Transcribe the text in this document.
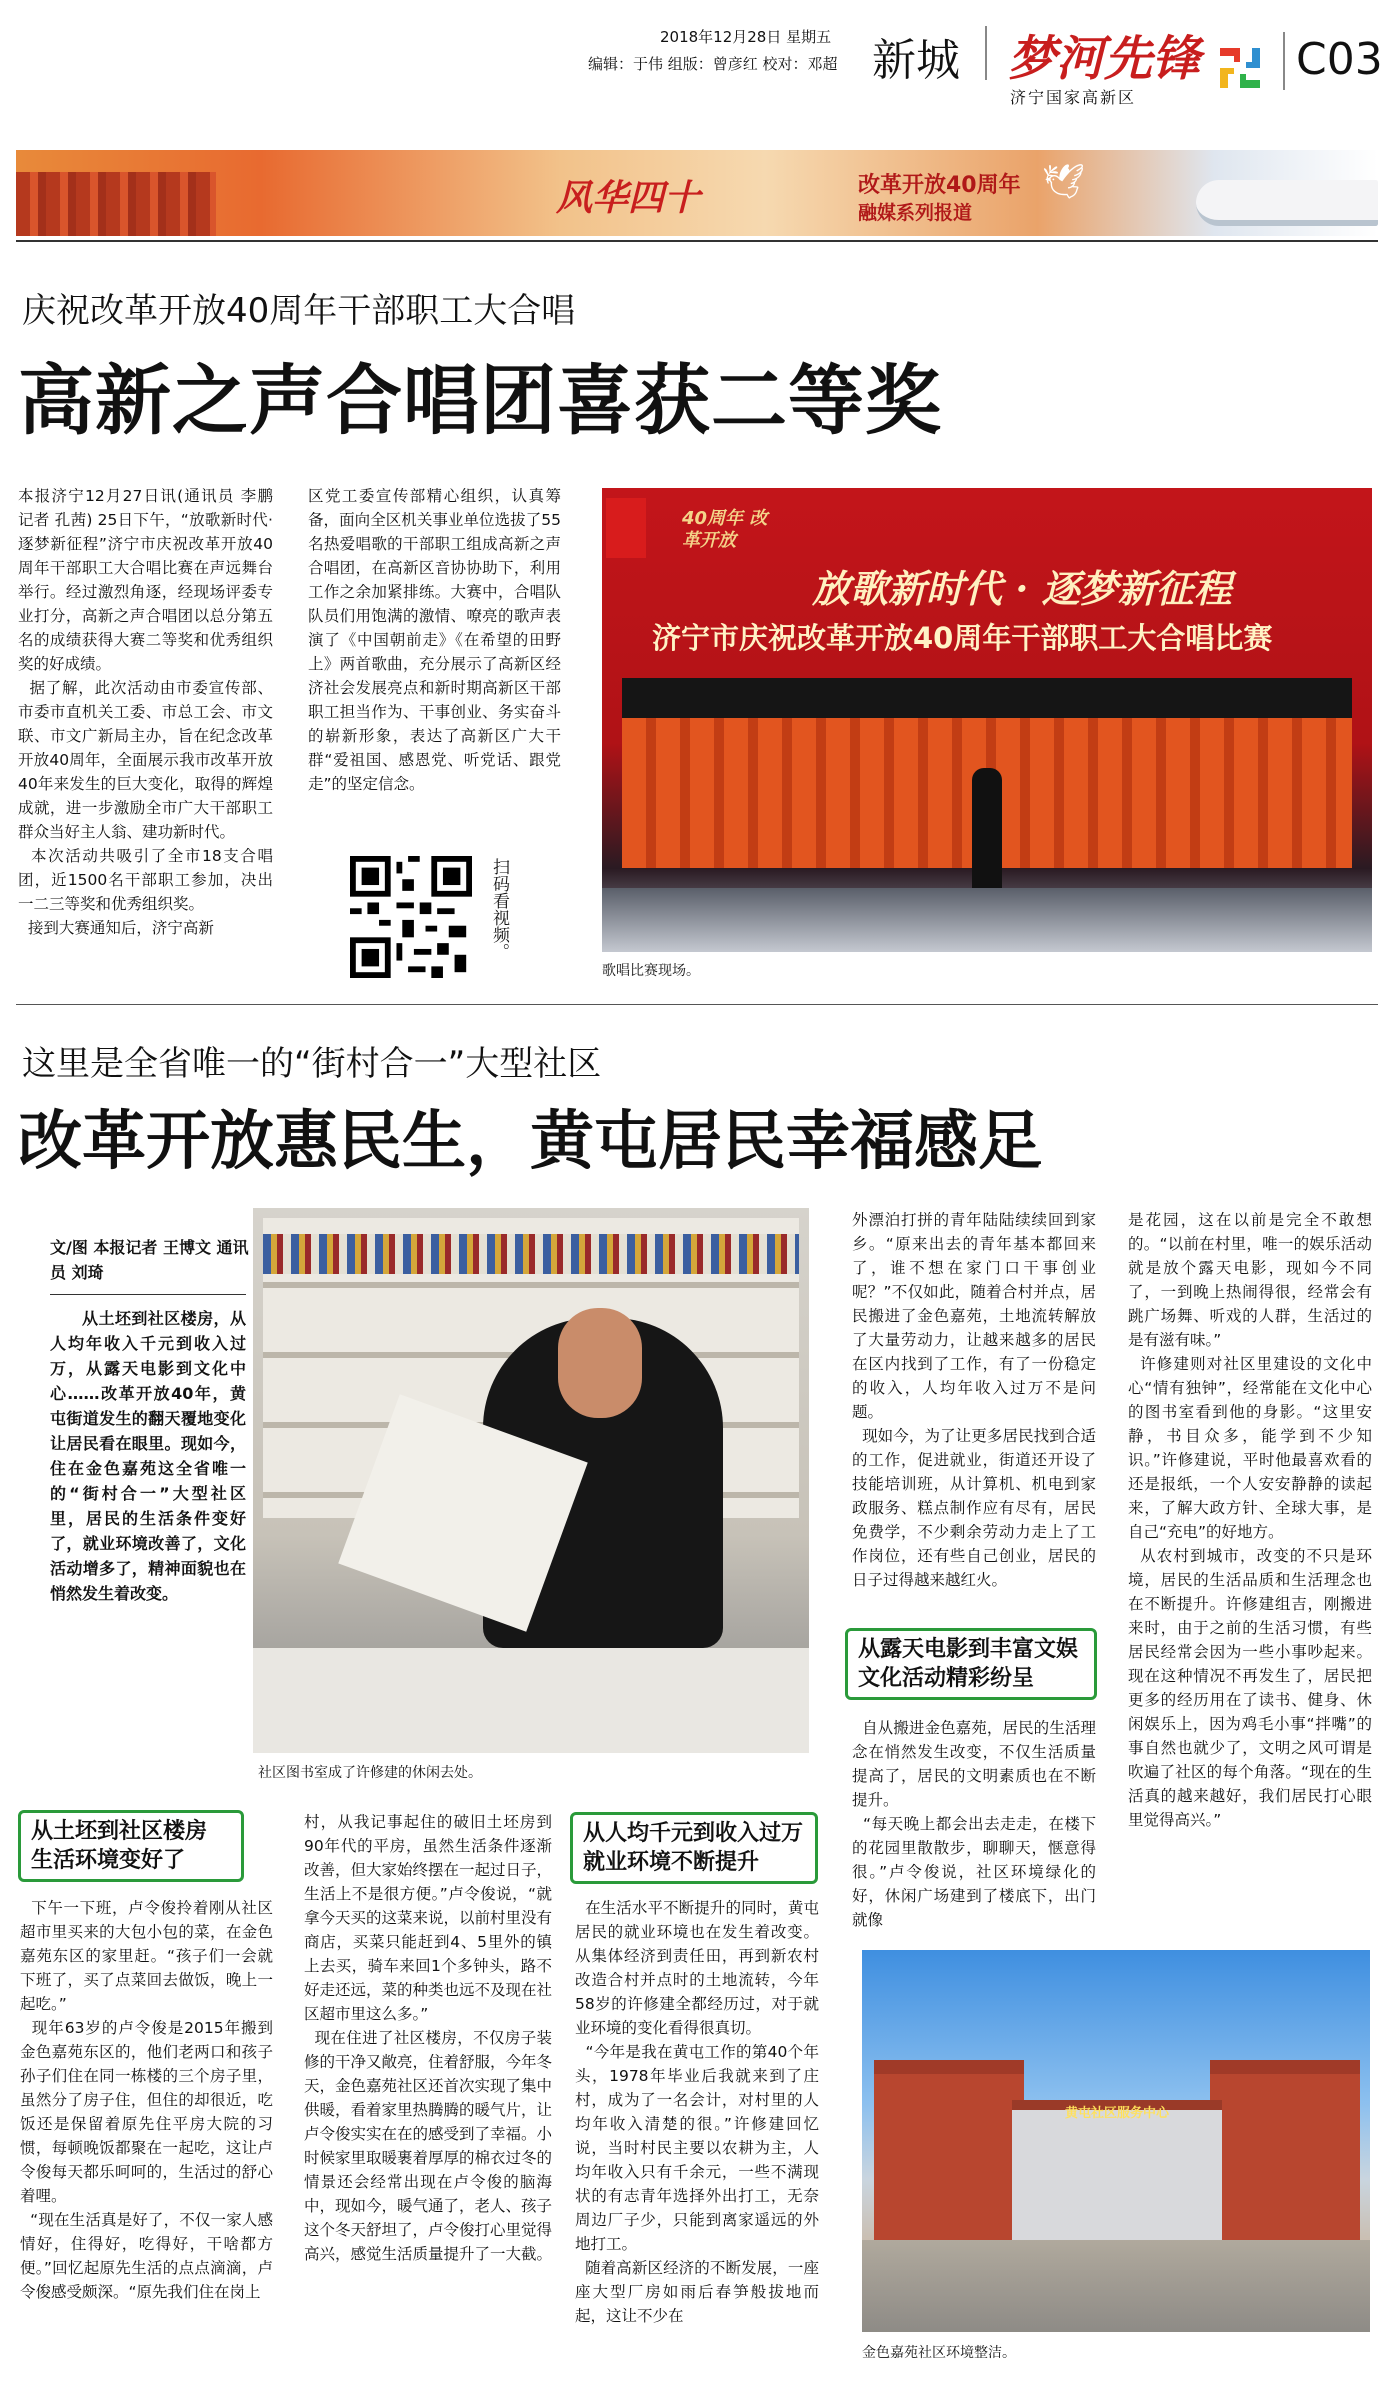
2018年12月28日 星期五
编辑：于伟 组版：曾彦红 校对：邓超 新城 梦河先锋
济宁国家高新区
C03
风华四十	改革开放40周年
融媒系列报道
🕊
庆祝改革开放40周年干部职工大合唱
高新之声合唱团喜获二等奖
本报济宁12月27日讯(通讯员 李鹏 记者 孔茜) 25日下午，“放歌新时代·逐梦新征程”济宁市庆祝改革开放40周年干部职工大合唱比赛在声远舞台举行。经过激烈角逐，经现场评委专业打分，高新之声合唱团以总分第五名的成绩获得大赛二等奖和优秀组织奖的好成绩。
据了解，此次活动由市委宣传部、市委市直机关工委、市总工会、市文联、市文广新局主办，旨在纪念改革开放40周年，全面展示我市改革开放40年来发生的巨大变化，取得的辉煌成就，进一步激励全市广大干部职工群众当好主人翁、建功新时代。
本次活动共吸引了全市18支合唱团，近1500名干部职工参加，决出一二三等奖和优秀组织奖。
接到大赛通知后，济宁高新
区党工委宣传部精心组织，认真筹备，面向全区机关事业单位选拔了55名热爱唱歌的干部职工组成高新之声合唱团，在高新区音协协助下，利用工作之余加紧排练。大赛中，合唱队队员们用饱满的激情、嘹亮的歌声表演了《中国朝前走》《在希望的田野上》两首歌曲，充分展示了高新区经济社会发展亮点和新时期高新区干部职工担当作为、干事创业、务实奋斗的崭新形象，表达了高新区广大干群“爱祖国、感恩党、听党话、跟党走”的坚定信念。
扫码看视频。
40周年 改革开放
放歌新时代 · 逐梦新征程
济宁市庆祝改革开放40周年干部职工大合唱比赛
歌唱比赛现场。
这里是全省唯一的“街村合一”大型社区
改革开放惠民生，黄屯居民幸福感足
文/图 本报记者 王博文 通讯员 刘琦
从土坯到社区楼房，从人均年收入千元到收入过万，从露天电影到文化中心……改革开放40年，黄屯街道发生的翻天覆地变化让居民看在眼里。现如今，住在金色嘉苑这全省唯一的“街村合一”大型社区里，居民的生活条件变好了，就业环境改善了，文化活动增多了，精神面貌也在悄然发生着改变。
社区图书室成了许修建的休闲去处。
从土坯到社区楼房
生活环境变好了
从人均千元到收入过万
就业环境不断提升
从露天电影到丰富文娱
文化活动精彩纷呈
下午一下班，卢令俊拎着刚从社区超市里买来的大包小包的菜，在金色嘉苑东区的家里赶。“孩子们一会就下班了，买了点菜回去做饭，晚上一起吃。”
现年63岁的卢令俊是2015年搬到金色嘉苑东区的，他们老两口和孩子孙子们住在同一栋楼的三个房子里，虽然分了房子住，但住的却很近，吃饭还是保留着原先住平房大院的习惯，每顿晚饭都聚在一起吃，这让卢令俊每天都乐呵呵的，生活过的舒心着哩。
“现在生活真是好了，不仅一家人感情好，住得好，吃得好，干啥都方便。”回忆起原先生活的点点滴滴，卢令俊感受颇深。“原先我们住在岗上
村，从我记事起住的破旧土坯房到90年代的平房，虽然生活条件逐渐改善，但大家始终摆在一起过日子，生活上不是很方便。”卢令俊说，“就拿今天买的这菜来说，以前村里没有商店，买菜只能赶到4、5里外的镇上去买，骑车来回1个多钟头，路不好走还远，菜的种类也远不及现在社区超市里这么多。”
现在住进了社区楼房，不仅房子装修的干净又敞亮，住着舒服，今年冬天，金色嘉苑社区还首次实现了集中供暖，看着家里热腾腾的暖气片，让卢令俊实实在在的感受到了幸福。小时候家里取暖裹着厚厚的棉衣过冬的情景还会经常出现在卢令俊的脑海中，现如今，暖气通了，老人、孩子这个冬天舒坦了，卢令俊打心里觉得高兴，感觉生活质量提升了一大截。
在生活水平不断提升的同时，黄屯居民的就业环境也在发生着改变。从集体经济到责任田，再到新农村改造合村并点时的土地流转，今年58岁的许修建全都经历过，对于就业环境的变化看得很真切。
“今年是我在黄屯工作的第40个年头，1978年毕业后我就来到了庄村，成为了一名会计，对村里的人均年收入清楚的很。”许修建回忆说，当时村民主要以农耕为主，人均年收入只有千余元，一些不满现状的有志青年选择外出打工，无奈周边厂子少，只能到离家遥远的外地打工。
随着高新区经济的不断发展，一座座大型厂房如雨后春笋般拔地而起，这让不少在
外漂泊打拼的青年陆陆续续回到家乡。“原来出去的青年基本都回来了，谁不想在家门口干事创业呢？”不仅如此，随着合村并点，居民搬进了金色嘉苑，土地流转解放了大量劳动力，让越来越多的居民在区内找到了工作，有了一份稳定的收入，人均年收入过万不是问题。
现如今，为了让更多居民找到合适的工作，促进就业，街道还开设了技能培训班，从计算机、机电到家政服务、糕点制作应有尽有，居民免费学，不少剩余劳动力走上了工作岗位，还有些自己创业，居民的日子过得越来越红火。
自从搬进金色嘉苑，居民的生活理念在悄然发生改变，不仅生活质量提高了，居民的文明素质也在不断提升。
“每天晚上都会出去走走，在楼下的花园里散散步，聊聊天，惬意得很。”卢令俊说，社区环境绿化的好，休闲广场建到了楼底下，出门就像
是花园，这在以前是完全不敢想的。“以前在村里，唯一的娱乐活动就是放个露天电影，现如今不同了，一到晚上热闹得很，经常会有跳广场舞、听戏的人群，生活过的是有滋有味。”
许修建则对社区里建设的文化中心“情有独钟”，经常能在文化中心的图书室看到他的身影。“这里安静，书目众多，能学到不少知识。”许修建说，平时他最喜欢看的还是报纸，一个人安安静静的读起来，了解大政方针、全球大事，是自己“充电”的好地方。
从农村到城市，改变的不只是环境，居民的生活品质和生活理念也在不断提升。许修建组吉，刚搬进来时，由于之前的生活习惯，有些居民经常会因为一些小事吵起来。现在这种情况不再发生了，居民把更多的经历用在了读书、健身、休闲娱乐上，因为鸡毛小事“拌嘴”的事自然也就少了，文明之风可谓是吹遍了社区的每个角落。“现在的生活真的越来越好，我们居民打心眼里觉得高兴。”
黄屯社区服务中心
金色嘉苑社区环境整洁。
